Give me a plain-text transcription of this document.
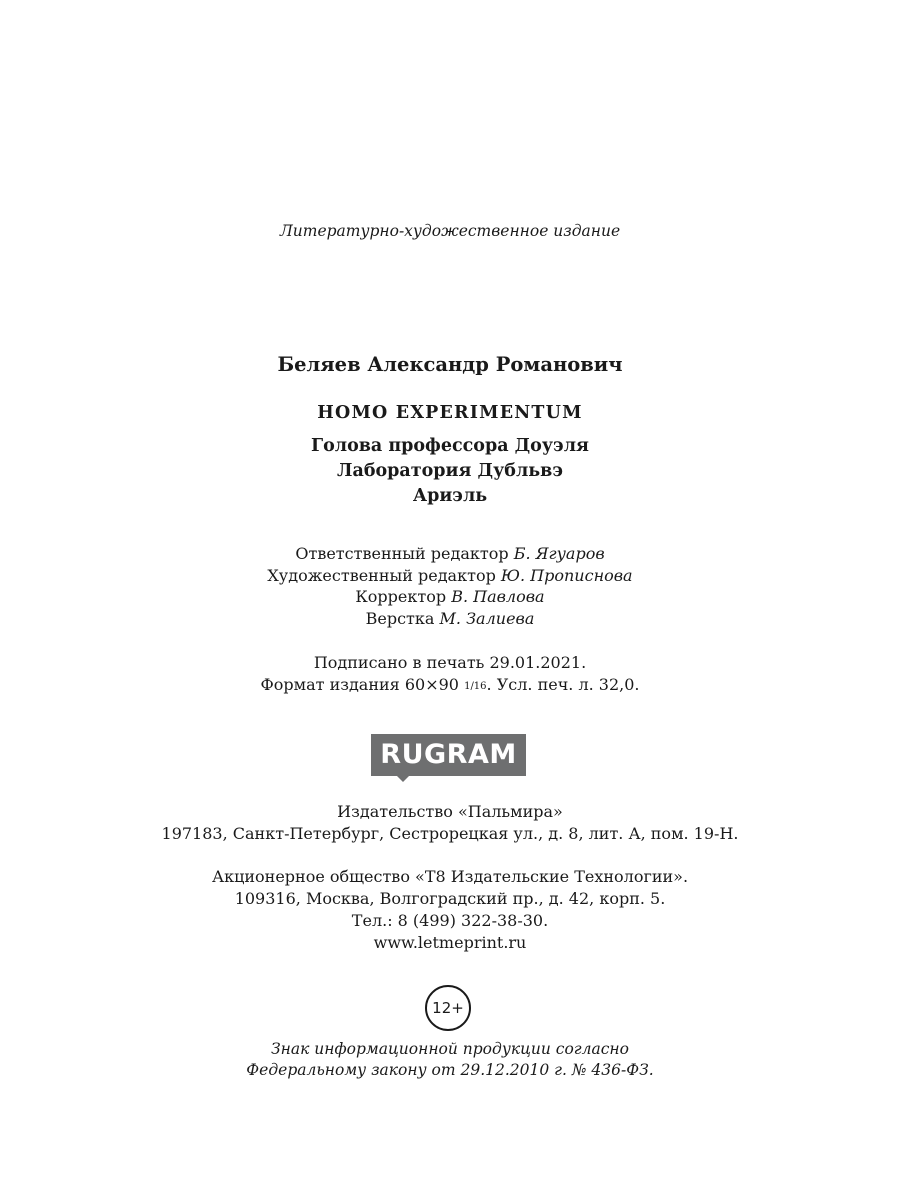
Литературно-художественное издание
Беляев Александр Романович
HOMO EXPERIMENTUM
Голова профессора Доуэля
Лаборатория Дубльвэ
Ариэль
Ответственный редактор Б. Ягуаров
Художественный редактор Ю. Прописнова
Корректор В. Павлова
Верстка М. Залиева
Подписано в печать 29.01.2021.
Формат издания 60×90 1/16. Усл. печ. л. 32,0.
RUGRAM
Издательство «Пальмира»
197183, Санкт-Петербург, Сестрорецкая ул., д. 8, лит. А, пом. 19-Н.
Акционерное общество «Т8 Издательские Технологии».
109316, Москва, Волгоградский пр., д. 42, корп. 5.
Тел.: 8 (499) 322-38-30.
www.letmeprint.ru
12+
Знак информационной продукции согласно
Федеральному закону от 29.12.2010 г. № 436-ФЗ.
